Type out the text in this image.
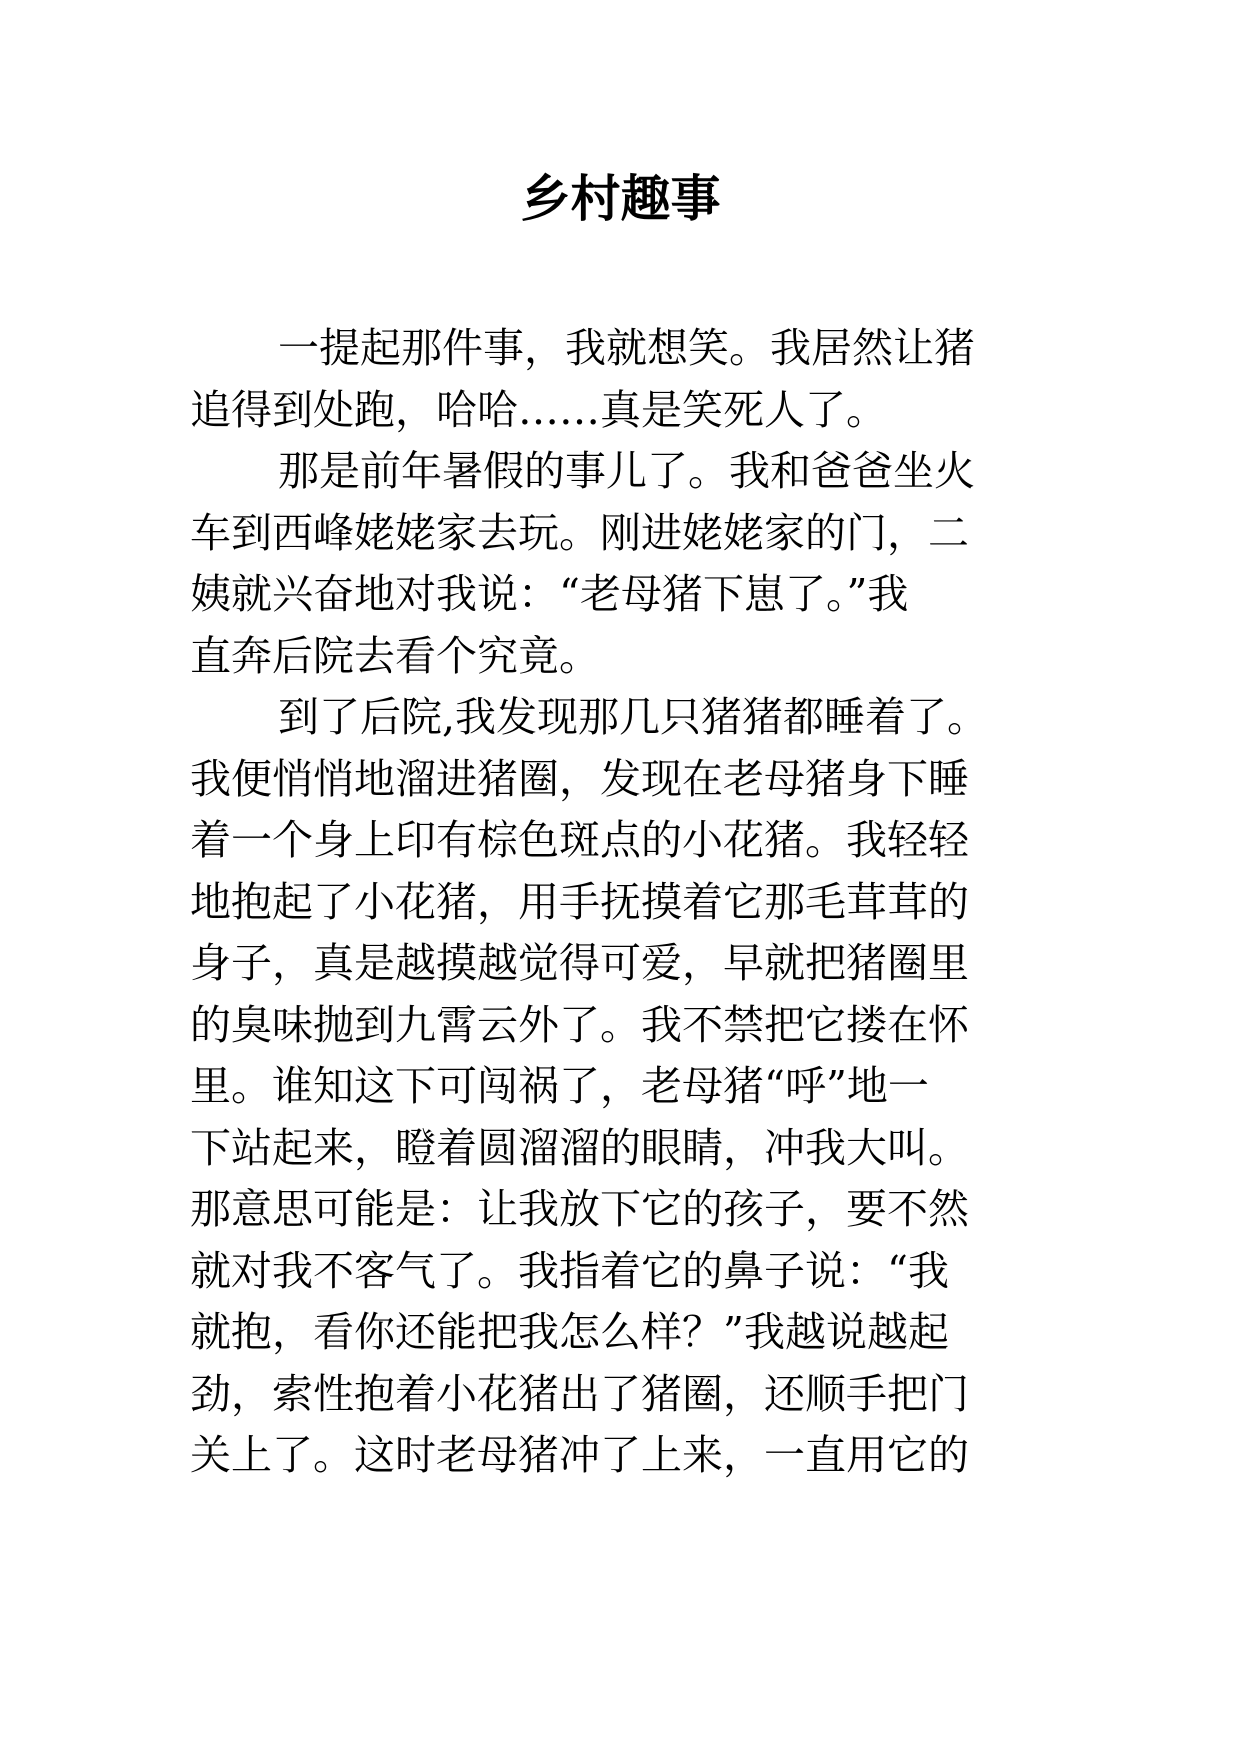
乡村趣事
一提起那件事，我就想笑。我居然让猪
追得到处跑，哈哈……真是笑死人了。
那是前年暑假的事儿了。我和爸爸坐火
车到西峰姥姥家去玩。刚进姥姥家的门，二
姨就兴奋地对我说：“老母猪下崽了。”我
直奔后院去看个究竟。
到了后院,我发现那几只猪猪都睡着了。
我便悄悄地溜进猪圈，发现在老母猪身下睡
着一个身上印有棕色斑点的小花猪。我轻轻
地抱起了小花猪，用手抚摸着它那毛茸茸的
身子，真是越摸越觉得可爱，早就把猪圈里
的臭味抛到九霄云外了。我不禁把它搂在怀
里。谁知这下可闯祸了，老母猪“呼”地一
下站起来，瞪着圆溜溜的眼睛，冲我大叫。
那意思可能是：让我放下它的孩子，要不然
就对我不客气了。我指着它的鼻子说：“我
就抱，看你还能把我怎么样？”我越说越起
劲，索性抱着小花猪出了猪圈，还顺手把门
关上了。这时老母猪冲了上来，一直用它的
